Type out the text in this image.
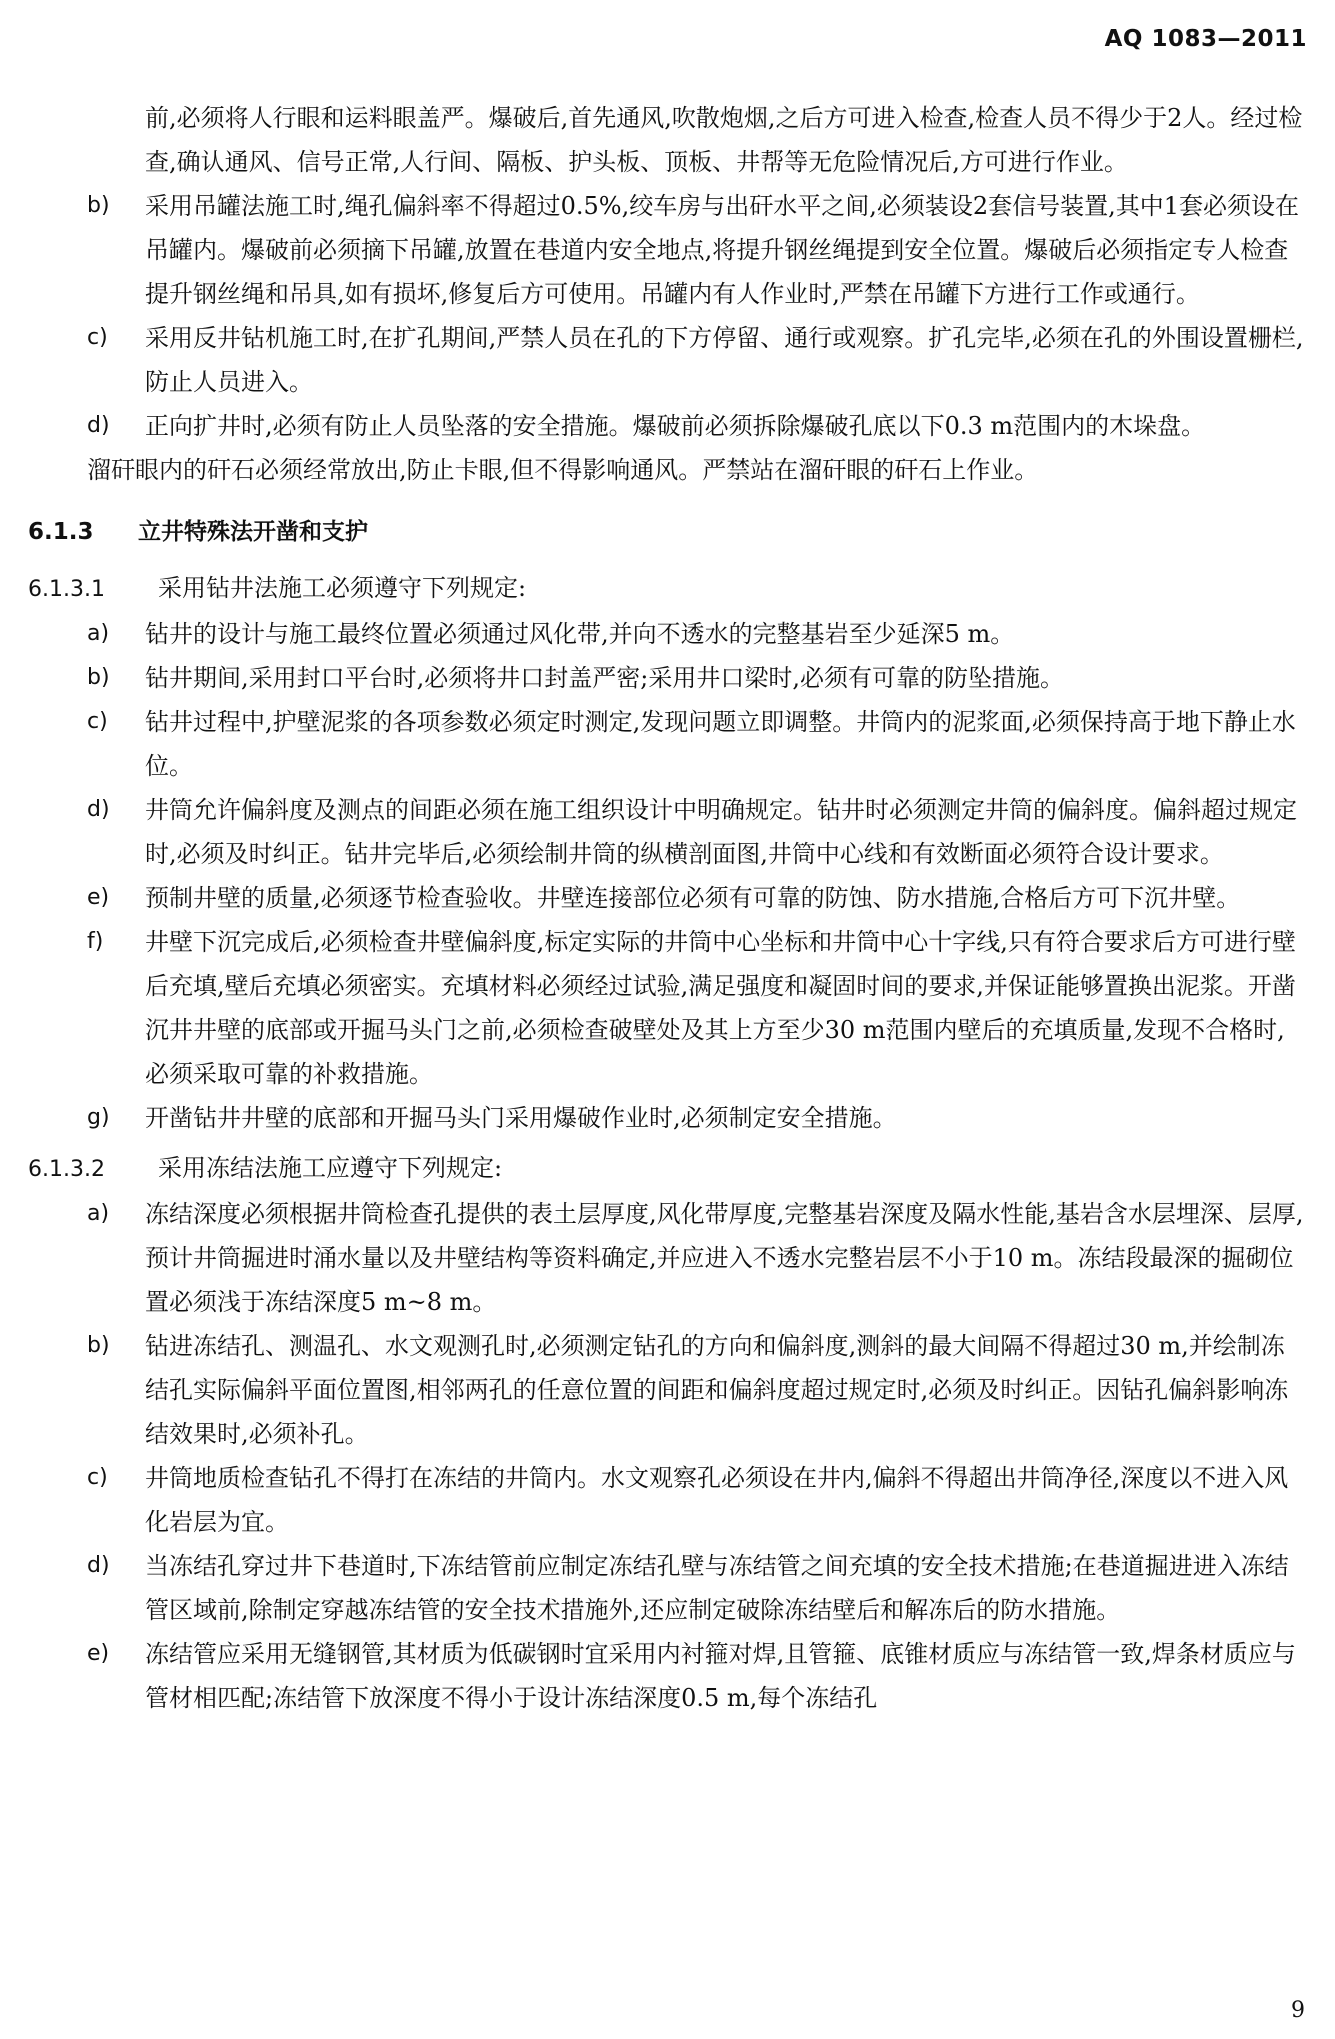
AQ 1083—2011

前,必须将人行眼和运料眼盖严。爆破后,首先通风,吹散炮烟,之后方可进入检查,检查人员不得少于2人。经过检查,确认通风、信号正常,人行间、隔板、护头板、顶板、井帮等无危险情况后,方可进行作业。

b) 采用吊罐法施工时,绳孔偏斜率不得超过0.5%,绞车房与出矸水平之间,必须装设2套信号装置,其中1套必须设在吊罐内。爆破前必须摘下吊罐,放置在巷道内安全地点,将提升钢丝绳提到安全位置。爆破后必须指定专人检查提升钢丝绳和吊具,如有损坏,修复后方可使用。吊罐内有人作业时,严禁在吊罐下方进行工作或通行。
c) 采用反井钻机施工时,在扩孔期间,严禁人员在孔的下方停留、通行或观察。扩孔完毕,必须在孔的外围设置栅栏,防止人员进入。
d) 正向扩井时,必须有防止人员坠落的安全措施。爆破前必须拆除爆破孔底以下0.3 m范围内的木垛盘。

溜矸眼内的矸石必须经常放出,防止卡眼,但不得影响通风。严禁站在溜矸眼的矸石上作业。

6.1.3 立井特殊法开凿和支护
6.1.3.1 采用钻井法施工必须遵守下列规定:
a) 钻井的设计与施工最终位置必须通过风化带,并向不透水的完整基岩至少延深5 m。
b) 钻井期间,采用封口平台时,必须将井口封盖严密;采用井口梁时,必须有可靠的防坠措施。
c) 钻井过程中,护壁泥浆的各项参数必须定时测定,发现问题立即调整。井筒内的泥浆面,必须保持高于地下静止水位。
d) 井筒允许偏斜度及测点的间距必须在施工组织设计中明确规定。钻井时必须测定井筒的偏斜度。偏斜超过规定时,必须及时纠正。钻井完毕后,必须绘制井筒的纵横剖面图,井筒中心线和有效断面必须符合设计要求。
e) 预制井壁的质量,必须逐节检查验收。井壁连接部位必须有可靠的防蚀、防水措施,合格后方可下沉井壁。
f) 井壁下沉完成后,必须检查井壁偏斜度,标定实际的井筒中心坐标和井筒中心十字线,只有符合要求后方可进行壁后充填,壁后充填必须密实。充填材料必须经过试验,满足强度和凝固时间的要求,并保证能够置换出泥浆。开凿沉井井壁的底部或开掘马头门之前,必须检查破壁处及其上方至少30 m范围内壁后的充填质量,发现不合格时,必须采取可靠的补救措施。
g) 开凿钻井井壁的底部和开掘马头门采用爆破作业时,必须制定安全措施。
6.1.3.2 采用冻结法施工应遵守下列规定:
a) 冻结深度必须根据井筒检查孔提供的表土层厚度,风化带厚度,完整基岩深度及隔水性能,基岩含水层埋深、层厚,预计井筒掘进时涌水量以及井壁结构等资料确定,并应进入不透水完整岩层不小于10 m。冻结段最深的掘砌位置必须浅于冻结深度5 m~8 m。
b) 钻进冻结孔、测温孔、水文观测孔时,必须测定钻孔的方向和偏斜度,测斜的最大间隔不得超过30 m,并绘制冻结孔实际偏斜平面位置图,相邻两孔的任意位置的间距和偏斜度超过规定时,必须及时纠正。因钻孔偏斜影响冻结效果时,必须补孔。
c) 井筒地质检查钻孔不得打在冻结的井筒内。水文观察孔必须设在井内,偏斜不得超出井筒净径,深度以不进入风化岩层为宜。
d) 当冻结孔穿过井下巷道时,下冻结管前应制定冻结孔壁与冻结管之间充填的安全技术措施;在巷道掘进进入冻结管区域前,除制定穿越冻结管的安全技术措施外,还应制定破除冻结壁后和解冻后的防水措施。
e) 冻结管应采用无缝钢管,其材质为低碳钢时宜采用内衬箍对焊,且管箍、底锥材质应与冻结管一致,焊条材质应与管材相匹配;冻结管下放深度不得小于设计冻结深度0.5 m,每个冻结孔
9
